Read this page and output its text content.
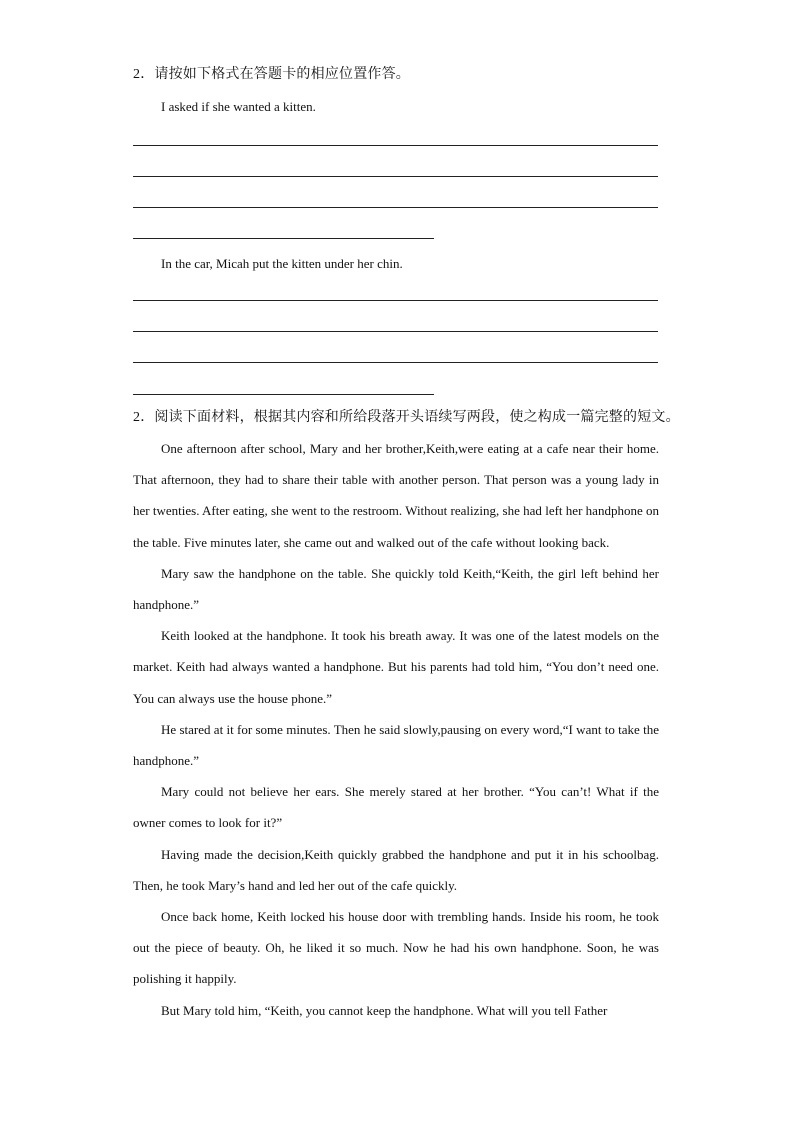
2．请按如下格式在答题卡的相应位置作答。
I asked if she wanted a kitten.
In the car, Micah put the kitten under her chin.
2．阅读下面材料，根据其内容和所给段落开头语续写两段，使之构成一篇完整的短文。

One afternoon after school, Mary and her brother,Keith,were eating at a cafe near their home. That afternoon, they had to share their table with another person. That person was a young lady in her twenties. After eating, she went to the restroom. Without realizing, she had left her handphone on the table. Five minutes later, she came out and walked out of the cafe without looking back.

Mary saw the handphone on the table. She quickly told Keith,“Keith, the girl left behind her handphone.”

Keith looked at the handphone. It took his breath away. It was one of the latest models on the market. Keith had always wanted a handphone. But his parents had told him, “You don’t need one. You can always use the house phone.”

He stared at it for some minutes. Then he said slowly,pausing on every word,“I want to take the handphone.”

Mary could not believe her ears. She merely stared at her brother. “You can’t! What if the owner comes to look for it?”

Having made the decision,Keith quickly grabbed the handphone and put it in his schoolbag. Then, he took Mary’s hand and led her out of the cafe quickly.

Once back home, Keith locked his house door with trembling hands. Inside his room, he took out the piece of beauty. Oh, he liked it so much. Now he had his own handphone. Soon, he was polishing it happily.

But Mary told him, “Keith, you cannot keep the handphone. What will you tell Father
